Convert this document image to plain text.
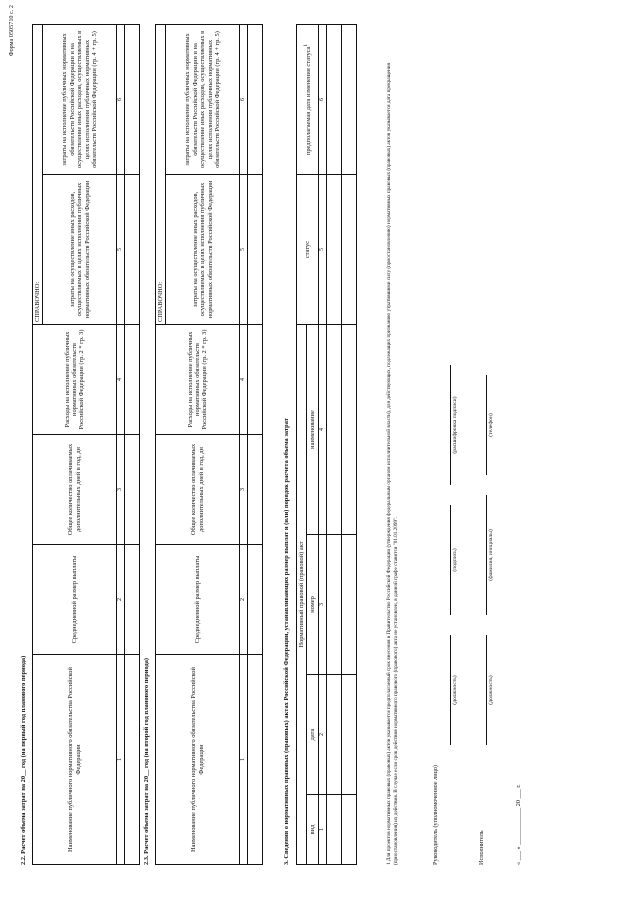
Форма 0505710 с. 2
2.2. Расчет объема затрат на 20__ год (на первый год планового периода)	Наименование публичного нормативного обязательства Российской Федерации	Среднедневной размер выплаты	Общее количество оплачиваемых дополнительных дней в год, дн	Расходы на исполнение публичных нормативных обязательств Российской Федерации (гр. 2 * гр. 3)	СПРАВОЧНО:	
				затраты на осуществление иных расходов, осуществляемых в целях исполнения публичных нормативных обязательств Российской Федерации	затраты на исполнение публичных нормативных обязательств Российской Федерации и на осуществление иных расходов, осуществляемых в целях исполнения публичных нормативных обязательств Российской Федерации (гр. 4 + гр. 5)
1	2	3	4	5	6

2.3. Расчет объема затрат на 20__ год (на второй год планового периода)	Наименование публичного нормативного обязательства Российской Федерации	Среднедневной размер выплаты	Общее количество оплачиваемых дополнительных дней в год, дн	Расходы на исполнение публичных нормативных обязательств Российской Федерации (гр. 2 * гр. 3)	СПРАВОЧНО:	
				затраты на осуществление иных расходов, осуществляемых в целях исполнения публичных нормативных обязательств Российской Федерации	затраты на исполнение публичных нормативных обязательств Российской Федерации и на осуществление иных расходов, осуществляемых в целях исполнения публичных нормативных обязательств Российской Федерации (гр. 4 + гр. 5)
1	2	3	4	5	6

3. Сведения о нормативных правовых (правовых) актах Российской Федерации, устанавливающих размер выплат и (или) порядок расчета объема затрат Нормативный правовой (правовой) акт				статус	предполагаемая дата изменения статуса$^1$
вид	дата	номер	наименование		
1	2	3	4	5	6

						1 Для проектов нормативных правовых (правовых) актов указывается предполагаемый срок внесения в Правительство Российской Федерации (утверждения федеральным органом исполнительной власти), для действующих, подлежащих признанию утратившими силу (приостановлению) нормативных правовых (правовых) актов указывается дата прекращения (приостановления) их действия. В случае если срок действия нормативного правового (правового) акта не установлен, в данной графе ставится "01.01.2099".	Руководитель (уполномоченное лицо)
(должность)
(подпись)
(расшифровка подписи)
Исполнитель
(должность)
(фамилия, инициалы)
(телефон)
« ___ » ____________ 20 ___ г.
